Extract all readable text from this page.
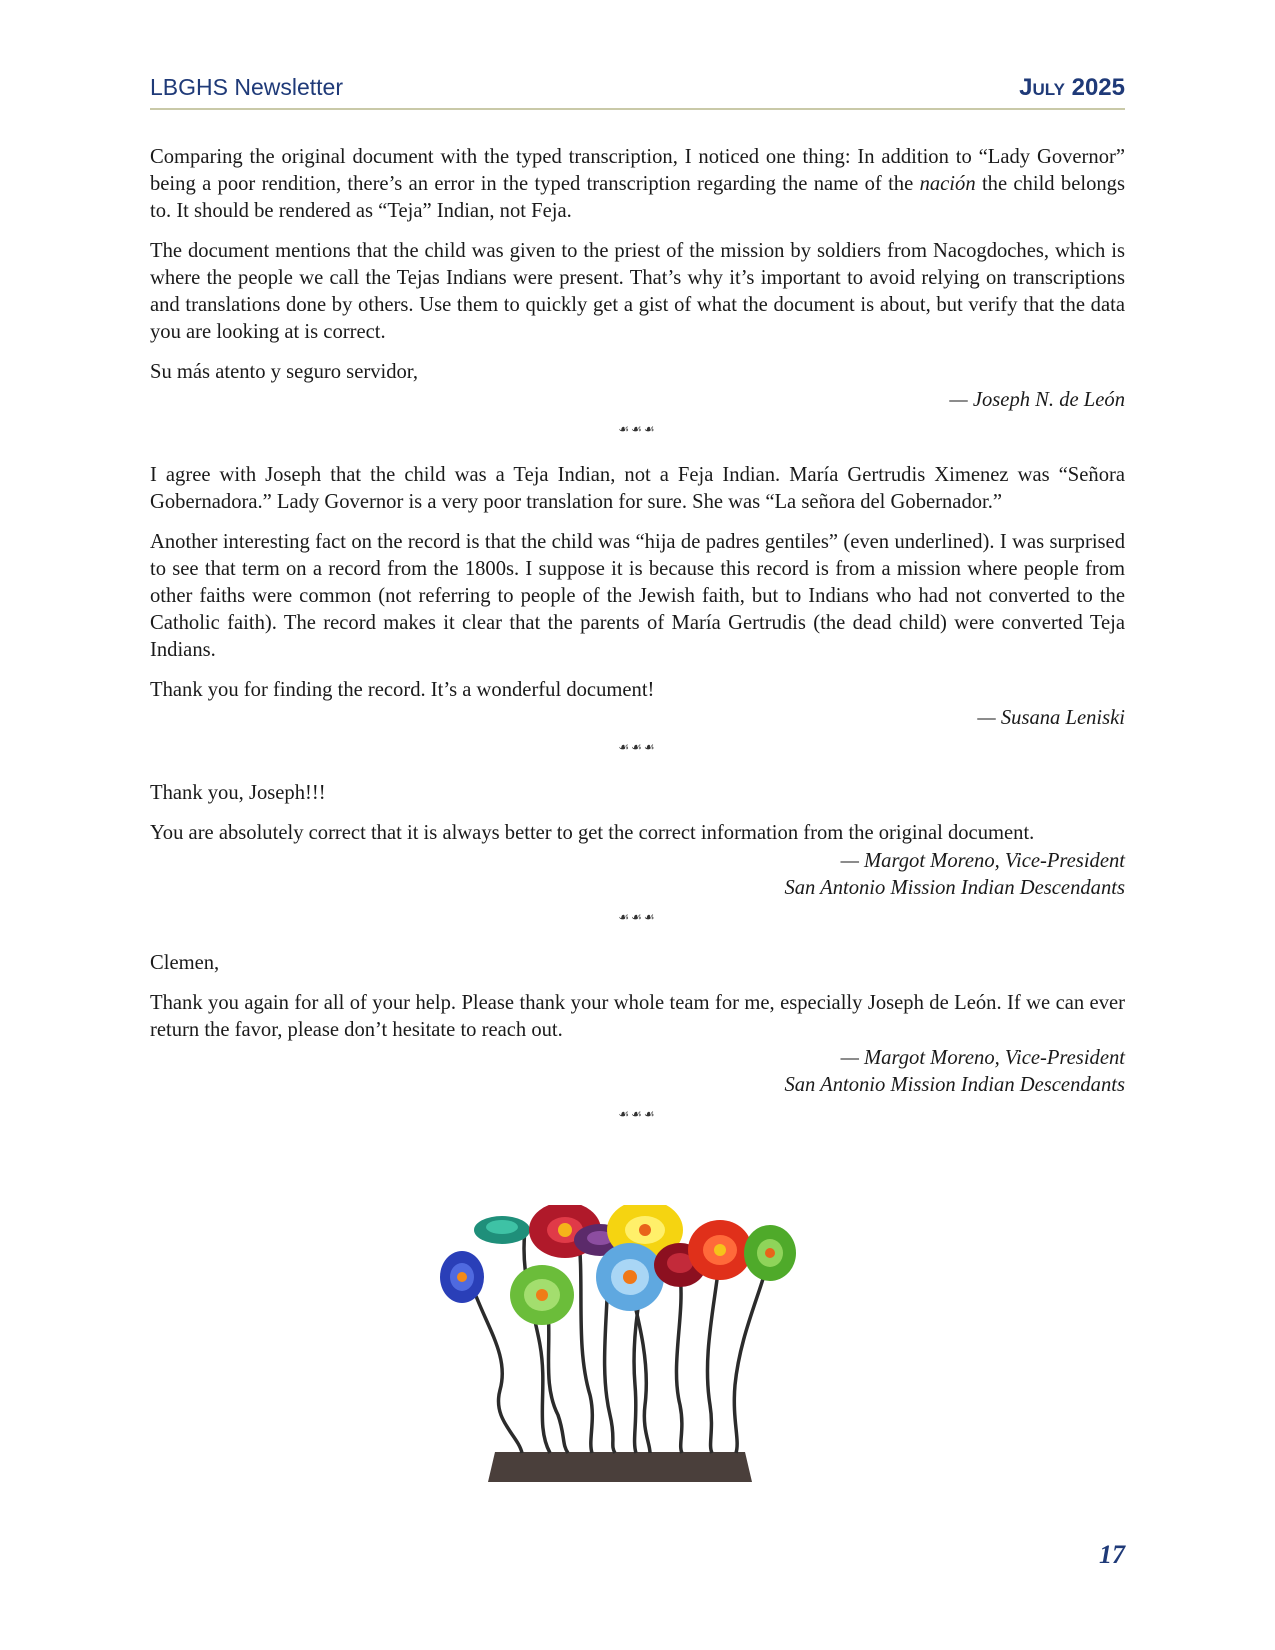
LBGHS Newsletter	July 2025

Comparing the original document with the typed transcription, I noticed one thing: In addition to “Lady Governor” being a poor rendition, there’s an error in the typed transcription regarding the name of the nación the child belongs to. It should be rendered as “Teja” Indian, not Feja.

The document mentions that the child was given to the priest of the mission by soldiers from Nacogdoches, which is where the people we call the Tejas Indians were present. That’s why it’s important to avoid relying on transcriptions and translations done by others. Use them to quickly get a gist of what the document is about, but verify that the data you are looking at is correct.

Su más atento y seguro servidor,

— Joseph N. de León
☙☙☙

I agree with Joseph that the child was a Teja Indian, not a Feja Indian. María Gertrudis Ximenez was “Señora Gobernadora.” Lady Governor is a very poor translation for sure. She was “La señora del Gobernador.”

Another interesting fact on the record is that the child was “hija de padres gentiles” (even underlined). I was surprised to see that term on a record from the 1800s. I suppose it is because this record is from a mission where people from other faiths were common (not referring to people of the Jewish faith, but to Indians who had not converted to the Catholic faith). The record makes it clear that the parents of María Gertrudis (the dead child) were converted Teja Indians.

Thank you for finding the record. It’s a wonderful document!

— Susana Leniski
☙☙☙

Thank you, Joseph!!!

You are absolutely correct that it is always better to get the correct information from the original document.

— Margot Moreno, Vice-President
San Antonio Mission Indian Descendants
☙☙☙

Clemen,

Thank you again for all of your help. Please thank your whole team for me, especially Joseph de León. If we can ever return the favor, please don’t hesitate to reach out.

— Margot Moreno, Vice-President
San Antonio Mission Indian Descendants
☙☙☙
17
